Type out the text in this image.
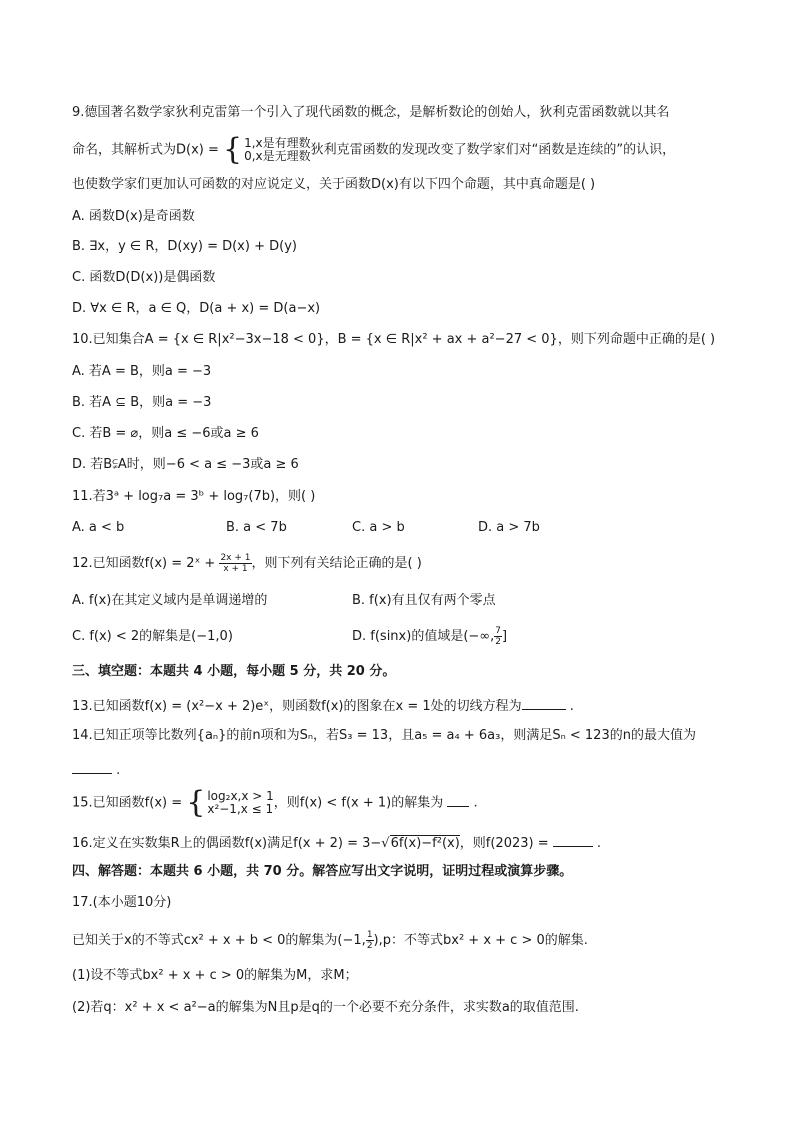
9.德国著名数学家狄利克雷第一个引入了现代函数的概念，是解析数论的创始人，狄利克雷函数就以其名
命名，其解析式为D(x) = { 1,x是有理数
0,x是无理数 狄利克雷函数的发现改变了数学家们对“函数是连续的”的认识，
也使数学家们更加认可函数的对应说定义，关于函数D(x)有以下四个命题，其中真命题是( )
A. 函数D(x)是奇函数
B. ∃x，y ∈ R，D(xy) = D(x) + D(y)
C. 函数D(D(x))是偶函数
D. ∀x ∈ R，a ∈ Q，D(a + x) = D(a−x)
10.已知集合A = {x ∈ R|x²−3x−18 < 0}，B = {x ∈ R|x² + ax + a²−27 < 0}，则下列命题中正确的是( )
A. 若A = B，则a = −3
B. 若A ⊆ B，则a = −3
C. 若B = ⌀，则a ≤ −6或a ≥ 6
D. 若B⫋A时，则−6 < a ≤ −3或a ≥ 6
11.若3ᵃ + log₇a = 3ᵇ + log₇(7b)，则( )
A. a < b	B. a < 7b	C. a > b	D. a > 7b
12.已知函数f(x) = 2ˣ + $\frac{2x + 1}{x + 1}$ ，则下列有关结论正确的是( )
A. f(x)在其定义域内是单调递增的	B. f(x)有且仅有两个零点
C. f(x) < 2的解集是(−1,0)	D. f(sinx)的值域是(−∞, $\frac{7}{2}$ ]
三、填空题：本题共 4 小题，每小题 5 分，共 20 分。
13.已知函数f(x) = (x²−x + 2)eˣ，则函数f(x)的图象在x = 1处的切线方程为	.
14.已知正项等比数列{aₙ}的前n项和为Sₙ，若S₃ = 13，且a₅ = a₄ + 6a₃，则满足Sₙ < 123的n的最大值为
.
15.已知函数f(x) = { log₂x,x > 1
x²−1,x ≤ 1 ，则f(x) < f(x + 1)的解集为 .
16.定义在实数集R上的偶函数f(x)满足f(x + 2) = 3−√6f(x)−f²(x)，则f(2023) =	.
四、解答题：本题共 6 小题，共 70 分。解答应写出文字说明，证明过程或演算步骤。
17.(本小题10分)
已知关于x的不等式cx² + x + b < 0的解集为(−1, $\frac{1}{2} ),p$：不等式bx² + x + c > 0的解集.
(1)设不等式bx² + x + c > 0的解集为M，求M；
(2)若q：x² + x < a²−a的解集为N且p是q的一个必要不充分条件，求实数a的取值范围.
